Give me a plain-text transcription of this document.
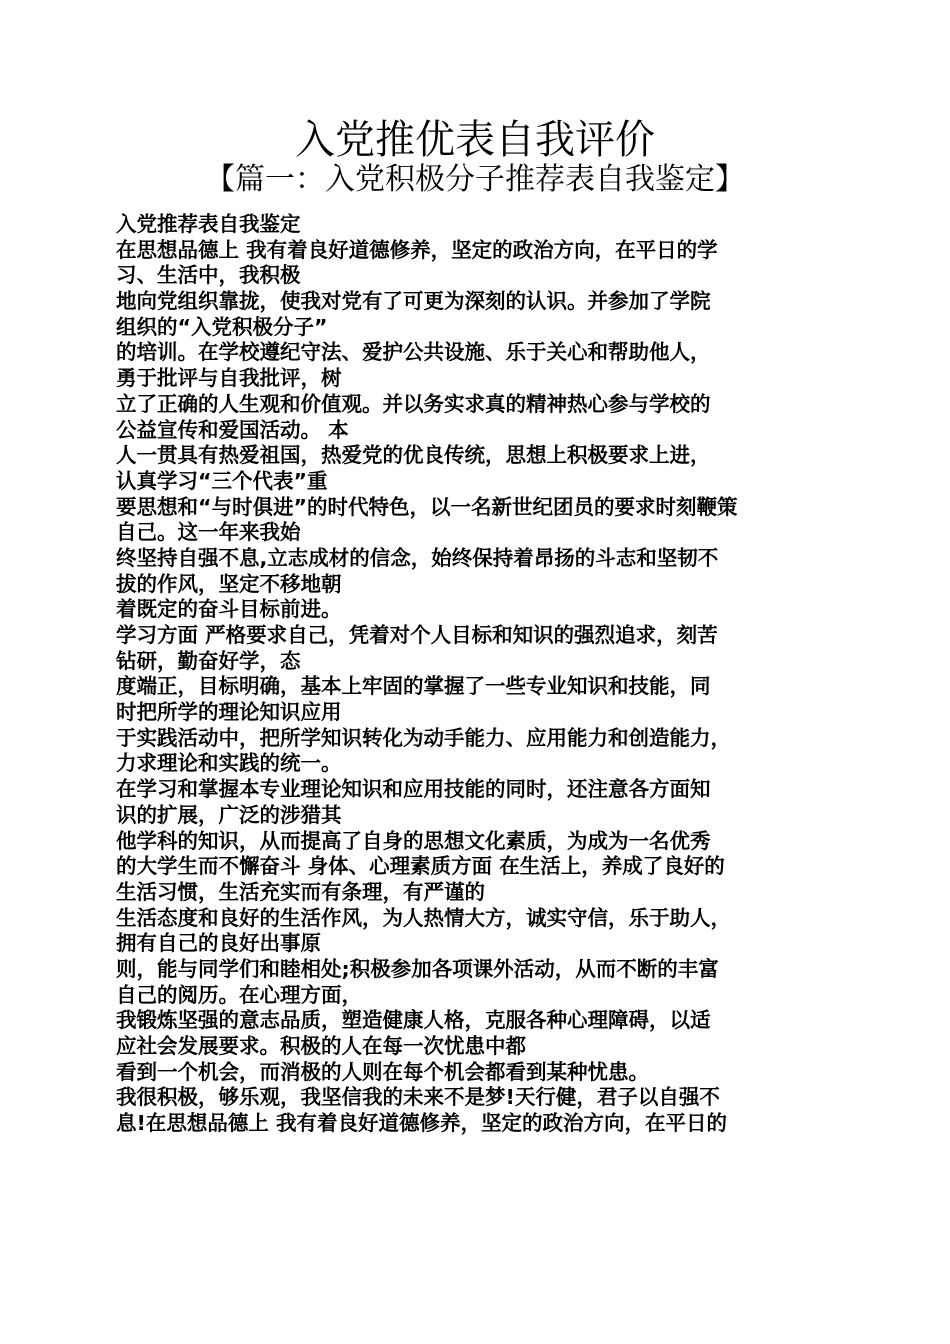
入党推优表自我评价
【篇一：入党积极分子推荐表自我鉴定】
入党推荐表自我鉴定
在思想品德上 我有着良好道德修养，坚定的政治方向，在平日的学
习、生活中，我积极
地向党组织靠拢，使我对党有了可更为深刻的认识。并参加了学院
组织的“入党积极分子”
的培训。在学校遵纪守法、爱护公共设施、乐于关心和帮助他人，
勇于批评与自我批评，树
立了正确的人生观和价值观。并以务实求真的精神热心参与学校的
公益宣传和爱国活动。 本
人一贯具有热爱祖国，热爱党的优良传统，思想上积极要求上进，
认真学习“三个代表”重
要思想和“与时俱进”的时代特色，以一名新世纪团员的要求时刻鞭策
自己。这一年来我始
终坚持自强不息,立志成材的信念，始终保持着昂扬的斗志和坚韧不
拔的作风，坚定不移地朝
着既定的奋斗目标前进。
学习方面 严格要求自己，凭着对个人目标和知识的强烈追求，刻苦
钻研，勤奋好学，态
度端正，目标明确，基本上牢固的掌握了一些专业知识和技能，同
时把所学的理论知识应用
于实践活动中，把所学知识转化为动手能力、应用能力和创造能力，
力求理论和实践的统一。
在学习和掌握本专业理论知识和应用技能的同时，还注意各方面知
识的扩展，广泛的涉猎其
他学科的知识，从而提高了自身的思想文化素质，为成为一名优秀
的大学生而不懈奋斗 身体、心理素质方面 在生活上，养成了良好的
生活习惯，生活充实而有条理，有严谨的
生活态度和良好的生活作风，为人热情大方，诚实守信，乐于助人，
拥有自己的良好出事原
则，能与同学们和睦相处;积极参加各项课外活动，从而不断的丰富
自己的阅历。在心理方面，
我锻炼坚强的意志品质，塑造健康人格，克服各种心理障碍，以适
应社会发展要求。积极的人在每一次忧患中都
看到一个机会，而消极的人则在每个机会都看到某种忧患。
我很积极，够乐观，我坚信我的未来不是梦!天行健，君子以自强不
息!在思想品德上 我有着良好道德修养，坚定的政治方向，在平日的
